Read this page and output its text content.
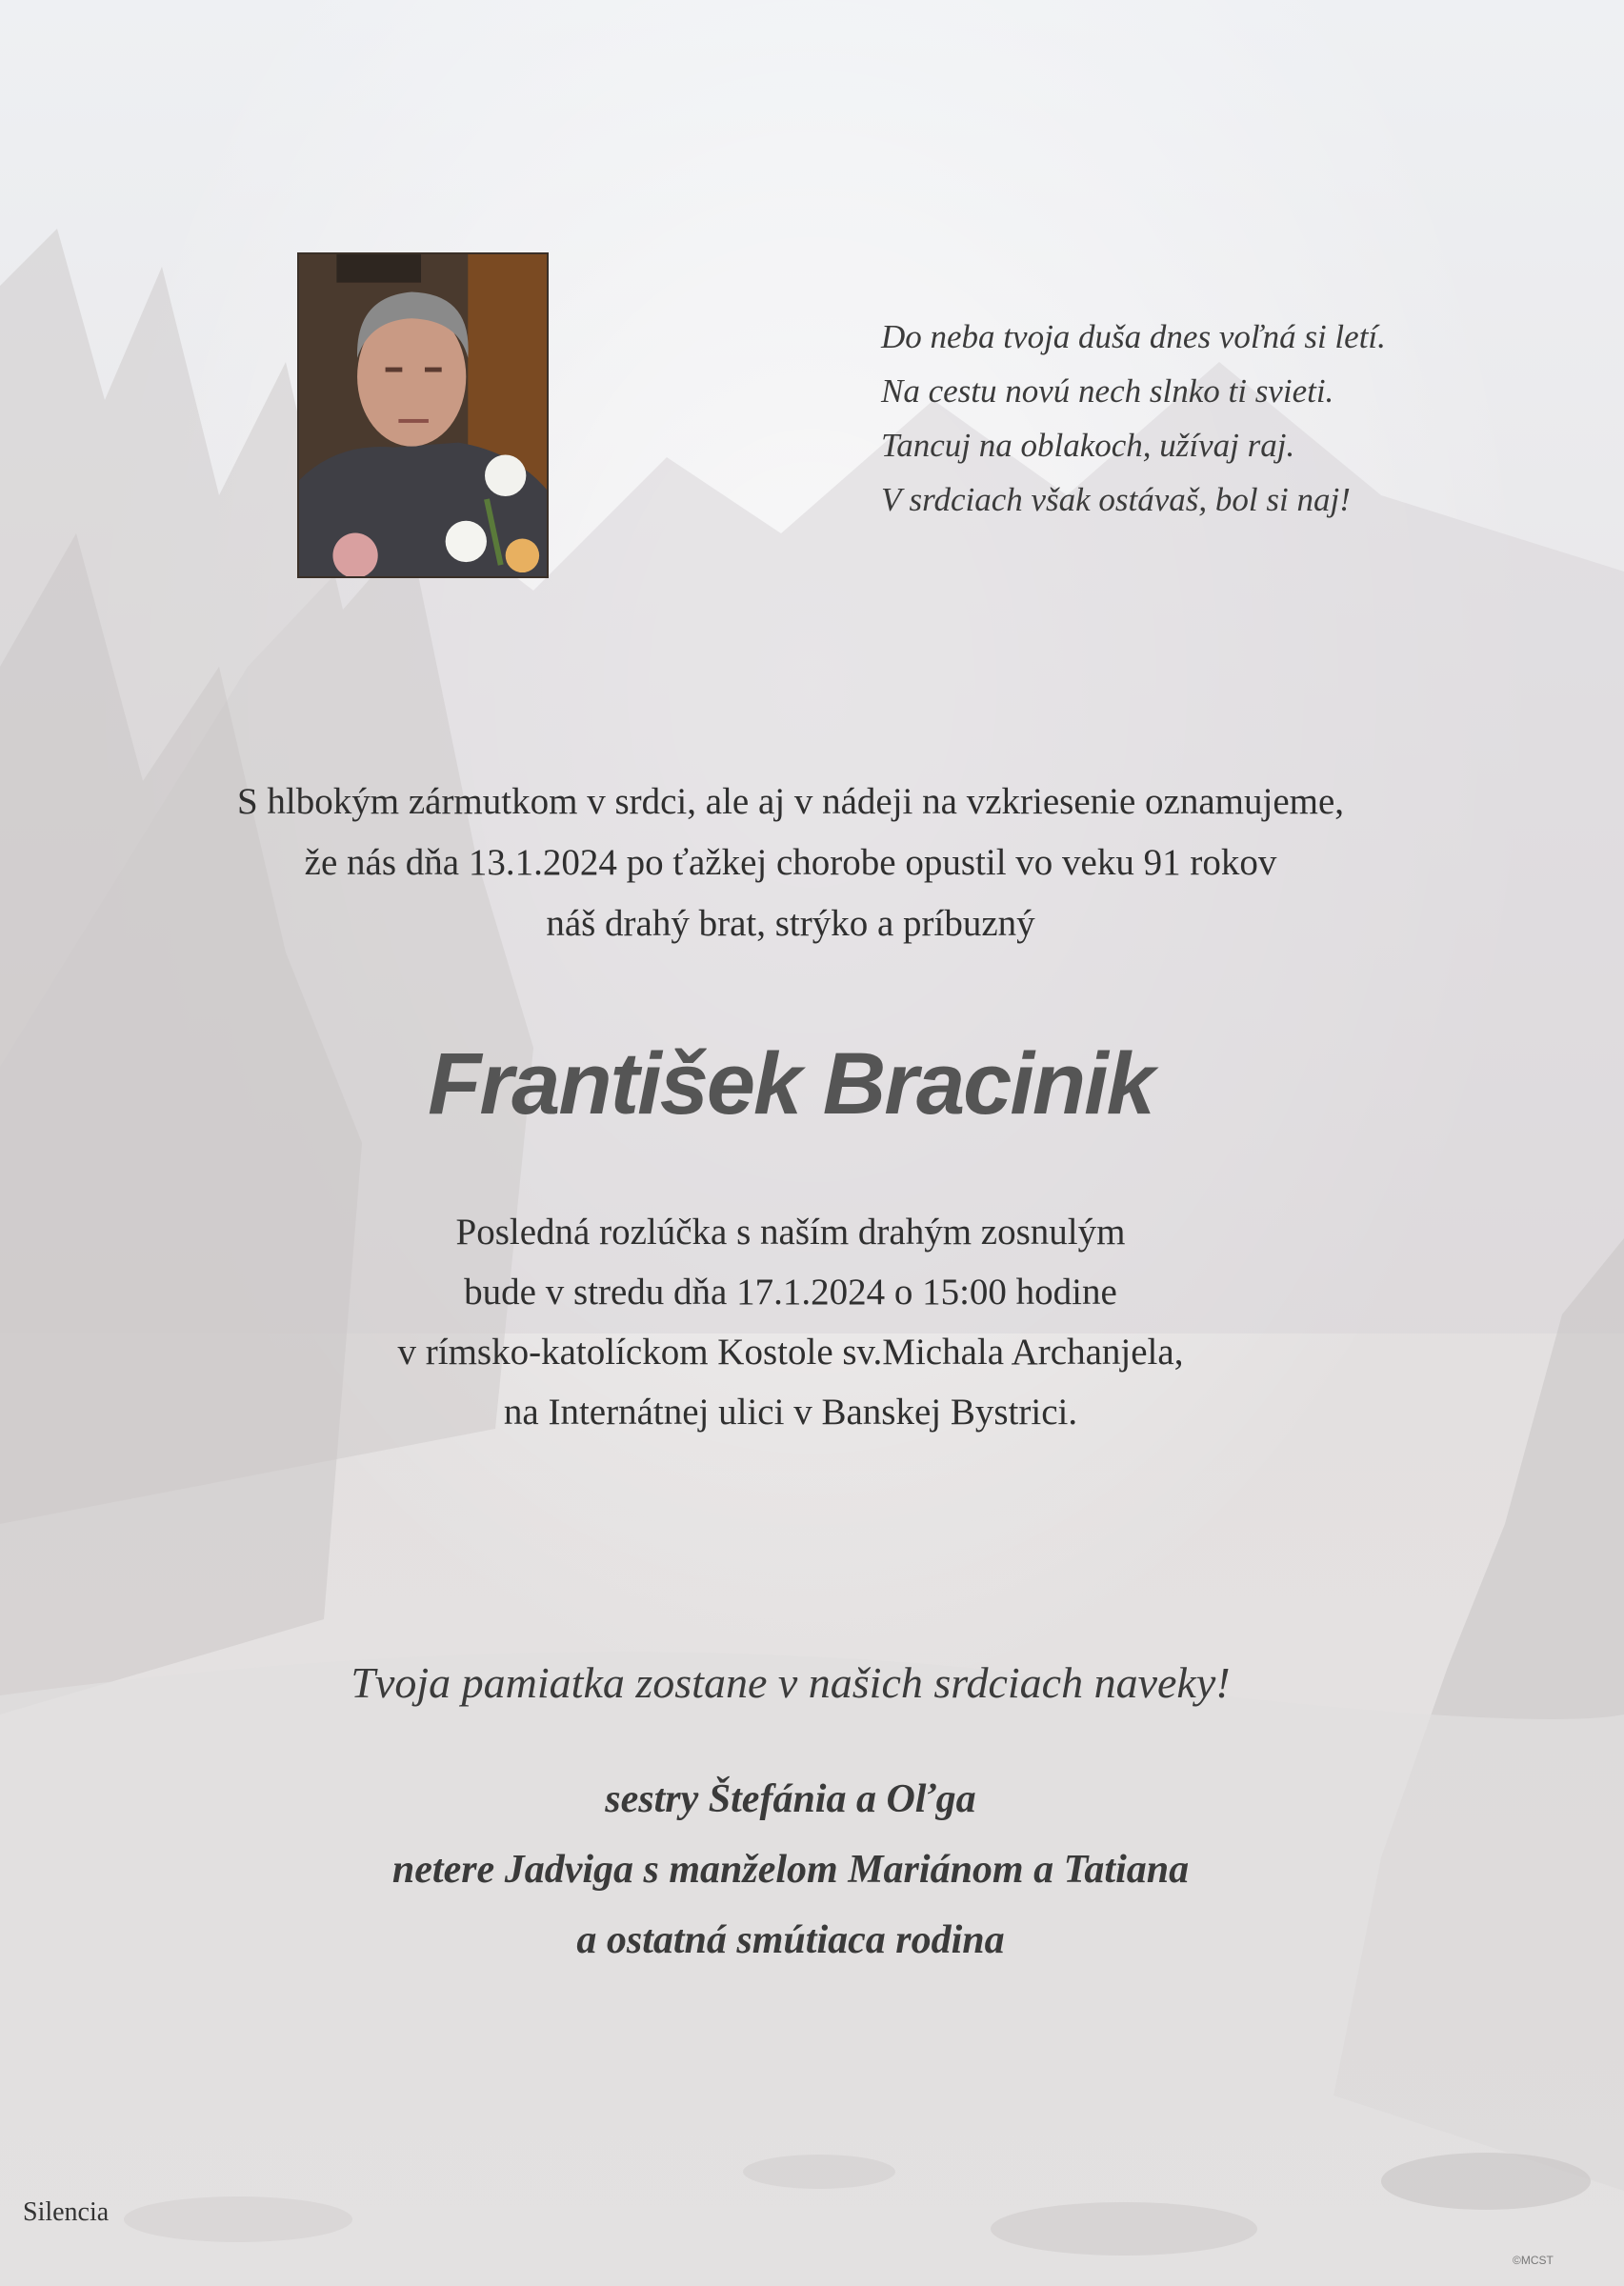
Do neba tvoja duša dnes voľná si letí.
Na cestu novú nech slnko ti svieti.
Tancuj na oblakoch, užívaj raj.
V srdciach však ostávaš, bol si naj!
S hlbokým zármutkom v srdci, ale aj v nádeji na vzkriesenie oznamujeme,
že nás dňa 13.1.2024 po ťažkej chorobe opustil vo veku 91 rokov
náš drahý brat, strýko a príbuzný
František Bracinik
Posledná rozlúčka s naším drahým zosnulým
bude v stredu dňa 17.1.2024 o 15:00 hodine
v rímsko-katolíckom Kostole sv.Michala Archanjela,
na Internátnej ulici v Banskej Bystrici.
Tvoja pamiatka zostane v našich srdciach naveky!
sestry Štefánia a Oľga
netere Jadviga s manželom Mariánom a Tatiana
a ostatná smútiaca rodina
Silencia
©MCST
